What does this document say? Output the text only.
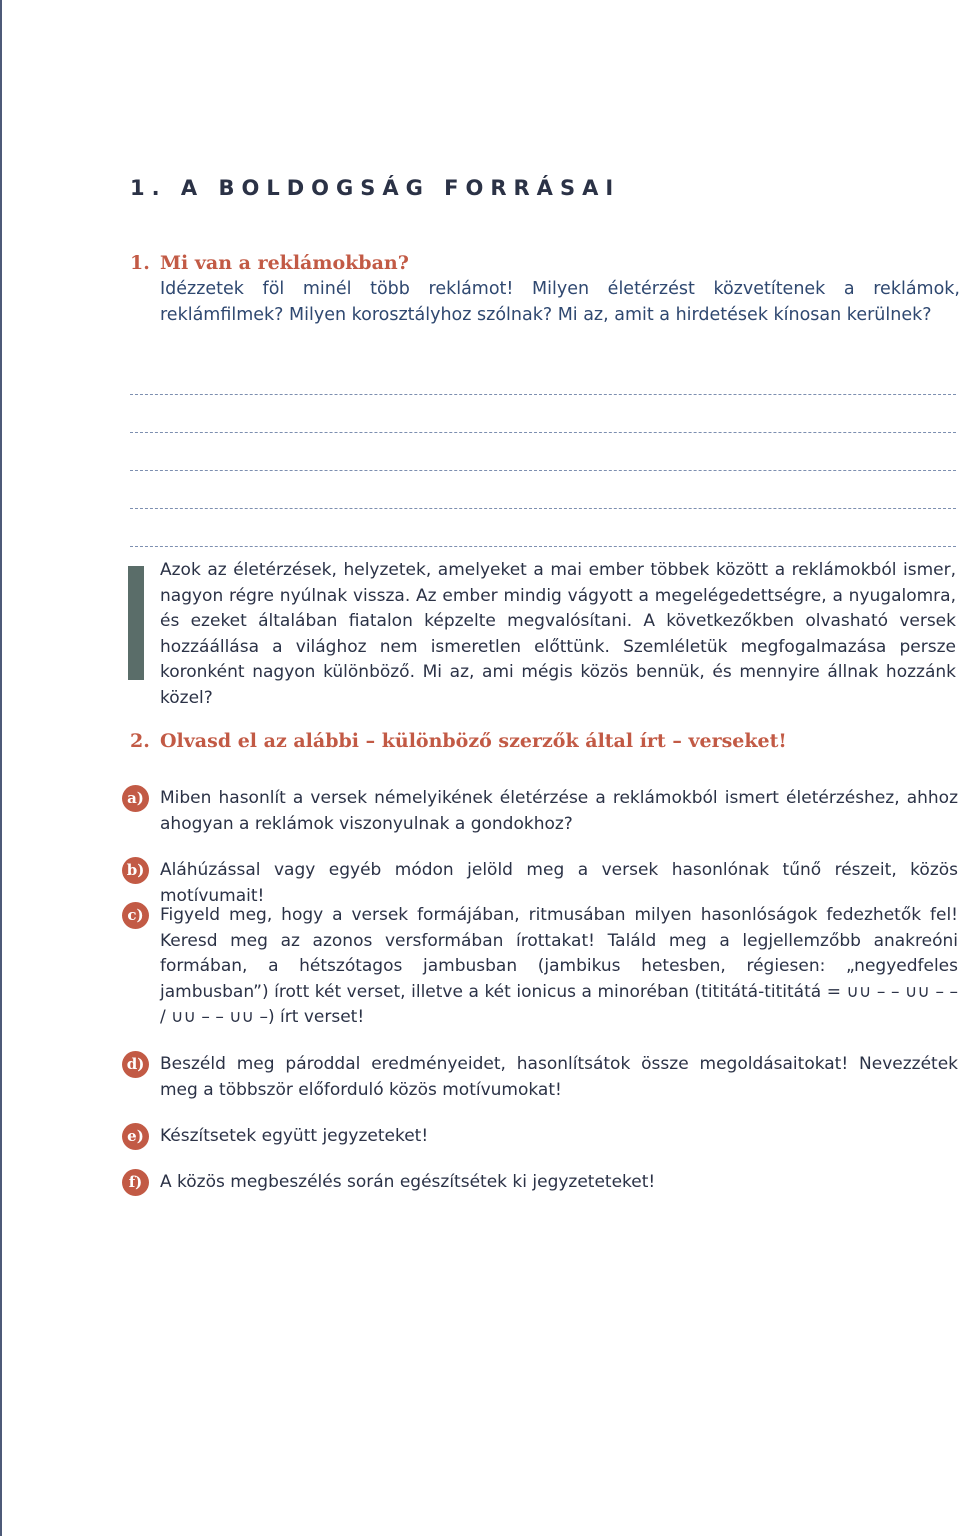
1. A BOLDOGSÁG FORRÁSAI
1. Mi van a reklámokban?
Idézzetek föl minél több reklámot! Milyen életérzést közvetítenek a reklámok, reklámfilmek? Milyen korosztályhoz szólnak? Mi az, amit a hirdetések kínosan kerülnek?
Azok az életérzések, helyzetek, amelyeket a mai ember többek között a reklámokból ismer, nagyon régre nyúlnak vissza. Az ember mindig vágyott a megelégedettségre, a nyugalomra, és ezeket általában fiatalon képzelte megvalósítani. A következőkben olvasható versek hozzáállása a világhoz nem ismeretlen előttünk. Szemléletük megfogalmazása persze koronként nagyon különböző. Mi az, ami mégis közös bennük, és mennyire állnak hozzánk közel?
2. Olvasd el az alábbi – különböző szerzők által írt – verseket!
a) Miben hasonlít a versek némelyikének életérzése a reklámokból ismert életérzéshez, ahhoz ahogyan a reklámok viszonyulnak a gondokhoz?
b) Aláhúzással vagy egyéb módon jelöld meg a versek hasonlónak tűnő részeit, közös motívumait!
c) Figyeld meg, hogy a versek formájában, ritmusában milyen hasonlóságok fedezhetők fel! Keresd meg az azonos versformában írottakat! Találd meg a legjellemzőbb anakreóni formában, a hétszótagos jambusban (jambikus hetesben, régiesen: „negyedfeles jambusban”) írott két verset, illetve a két ionicus a minoréban (tititátá-tititátá = ∪∪ – – ∪∪ – – / ∪∪ – – ∪∪ –) írt verset!
d) Beszéld meg pároddal eredményeidet, hasonlítsátok össze megoldásaitokat! Nevezzétek meg a többször előforduló közös motívumokat!
e) Készítsetek együtt jegyzeteket!
f)	A közös megbeszélés során egészítsétek ki jegyzeteteket!
